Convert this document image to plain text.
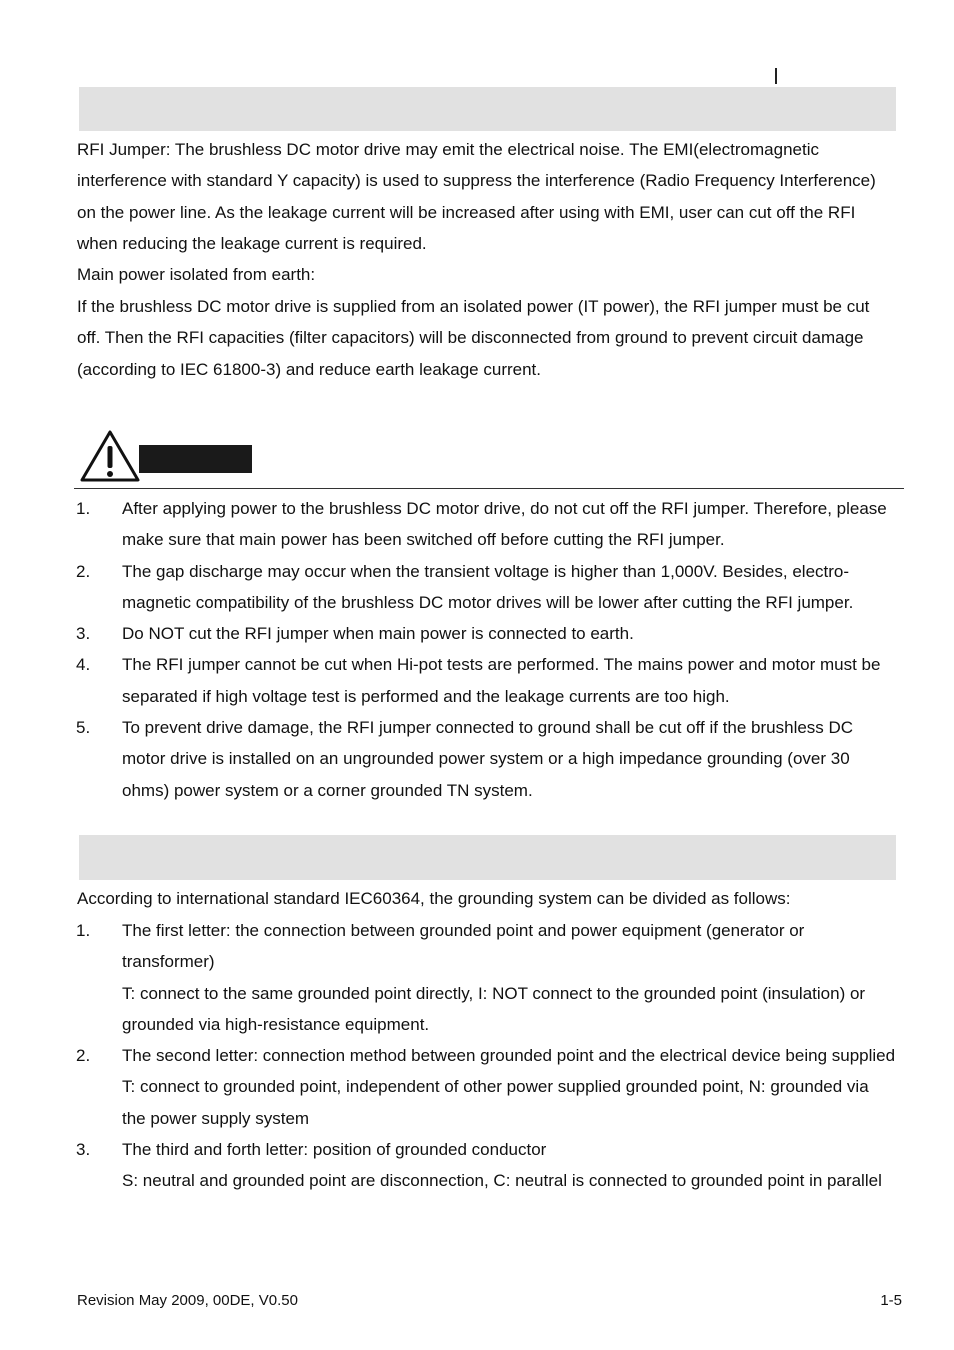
RFI Jumper: The brushless DC motor drive may emit the electrical noise. The EMI(electromagnetic interference with standard Y capacity) is used to suppress the interference (Radio Frequency Interference) on the power line. As the leakage current will be increased after using with EMI, user can cut off the RFI when reducing the leakage current is required.

Main power isolated from earth:

If the brushless DC motor drive is supplied from an isolated power (IT power), the RFI jumper must be cut off. Then the RFI capacities (filter capacitors) will be disconnected from ground to prevent circuit damage (according to IEC 61800-3) and reduce earth leakage current.

1. After applying power to the brushless DC motor drive, do not cut off the RFI jumper. Therefore, please make sure that main power has been switched off before cutting the RFI jumper.
2. The gap discharge may occur when the transient voltage is higher than 1,000V. Besides, electro-magnetic compatibility of the brushless DC motor drives will be lower after cutting the RFI jumper.
3. Do NOT cut the RFI jumper when main power is connected to earth.
4. The RFI jumper cannot be cut when Hi-pot tests are performed. The mains power and motor must be separated if high voltage test is performed and the leakage currents are too high.
5. To prevent drive damage, the RFI jumper connected to ground shall be cut off if the brushless DC motor drive is installed on an ungrounded power system or a high impedance grounding (over 30 ohms) power system or a corner grounded TN system.

According to international standard IEC60364, the grounding system can be divided as follows:

1. The first letter: the connection between grounded point and power equipment (generator or transformer)
T: connect to the same grounded point directly, I: NOT connect to the grounded point (insulation) or grounded via high-resistance equipment.
2. The second letter: connection method between grounded point and the electrical device being supplied
T: connect to grounded point, independent of other power supplied grounded point, N: grounded via the power supply system
3. The third and forth letter: position of grounded conductor
S: neutral and grounded point are disconnection, C: neutral is connected to grounded point in parallel
Revision May 2009, 00DE, V0.50	1-5
